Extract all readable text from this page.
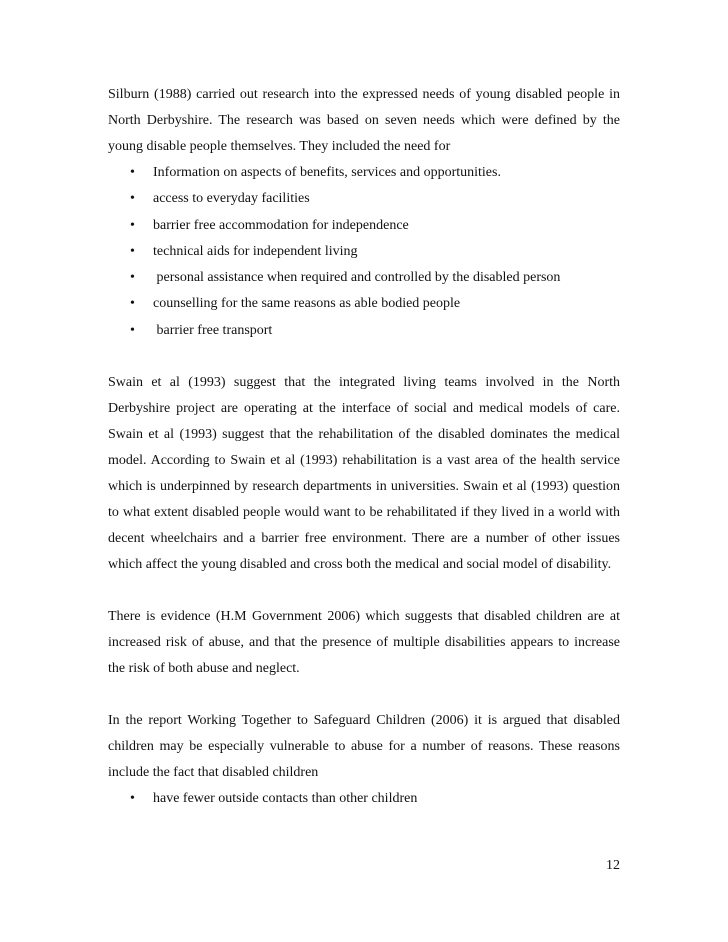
Silburn (1988) carried out research into the expressed needs of young disabled people in North Derbyshire. The research was based on seven needs which were defined by the young disable people themselves. They included the need for

• Information on aspects of benefits, services and opportunities.
• access to everyday facilities
• barrier free accommodation for independence
• technical aids for independent living
• personal assistance when required and controlled by the disabled person
• counselling for the same reasons as able bodied people
• barrier free transport

Swain et al (1993) suggest that the integrated living teams involved in the North Derbyshire project are operating at the interface of social and medical models of care. Swain et al (1993) suggest that the rehabilitation of the disabled dominates the medical model. According to Swain et al (1993) rehabilitation is a vast area of the health service which is underpinned by research departments in universities. Swain et al (1993) question to what extent disabled people would want to be rehabilitated if they lived in a world with decent wheelchairs and a barrier free environment. There are a number of other issues which affect the young disabled and cross both the medical and social model of disability.

There is evidence (H.M Government 2006) which suggests that disabled children are at increased risk of abuse, and that the presence of multiple disabilities appears to increase the risk of both abuse and neglect.

In the report Working Together to Safeguard Children (2006) it is argued that disabled children may be especially vulnerable to abuse for a number of reasons. These reasons include the fact that disabled children

• have fewer outside contacts than other children
12
